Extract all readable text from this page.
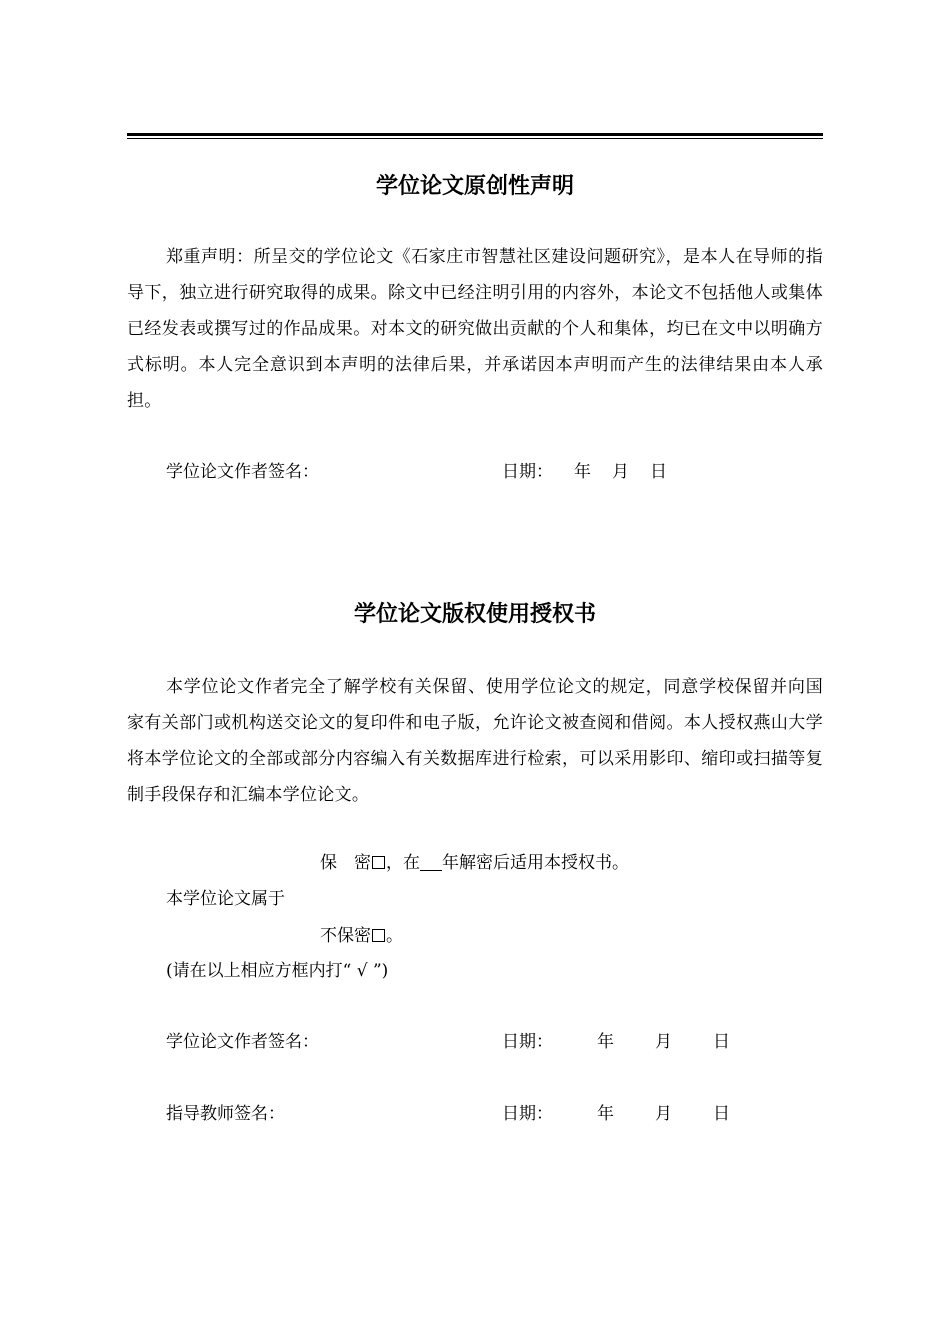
学位论文原创性声明

郑重声明：所呈交的学位论文《石家庄市智慧社区建设问题研究》，是本人在导师的指导下，独立进行研究取得的成果。除文中已经注明引用的内容外，本论文不包括他人或集体已经发表或撰写过的作品成果。对本文的研究做出贡献的个人和集体，均已在文中以明确方式标明。本人完全意识到本声明的法律后果，并承诺因本声明而产生的法律结果由本人承担。

学位论文作者签名：	日期： 年 月 日
学位论文版权使用授权书

本学位论文作者完全了解学校有关保留、使用学位论文的规定，同意学校保留并向国家有关部门或机构送交论文的复印件和电子版，允许论文被查阅和借阅。本人授权燕山大学将本学位论文的全部或部分内容编入有关数据库进行检索，可以采用影印、缩印或扫描等复制手段保存和汇编本学位论文。

保　密 ，在 年解密后适用本授权书。
本学位论文属于
不保密 。
(请在以上相应方框内打“ √ ”)
学位论文作者签名：	日期：	年 月 日
指导教师签名：	日期：	年 月 日
